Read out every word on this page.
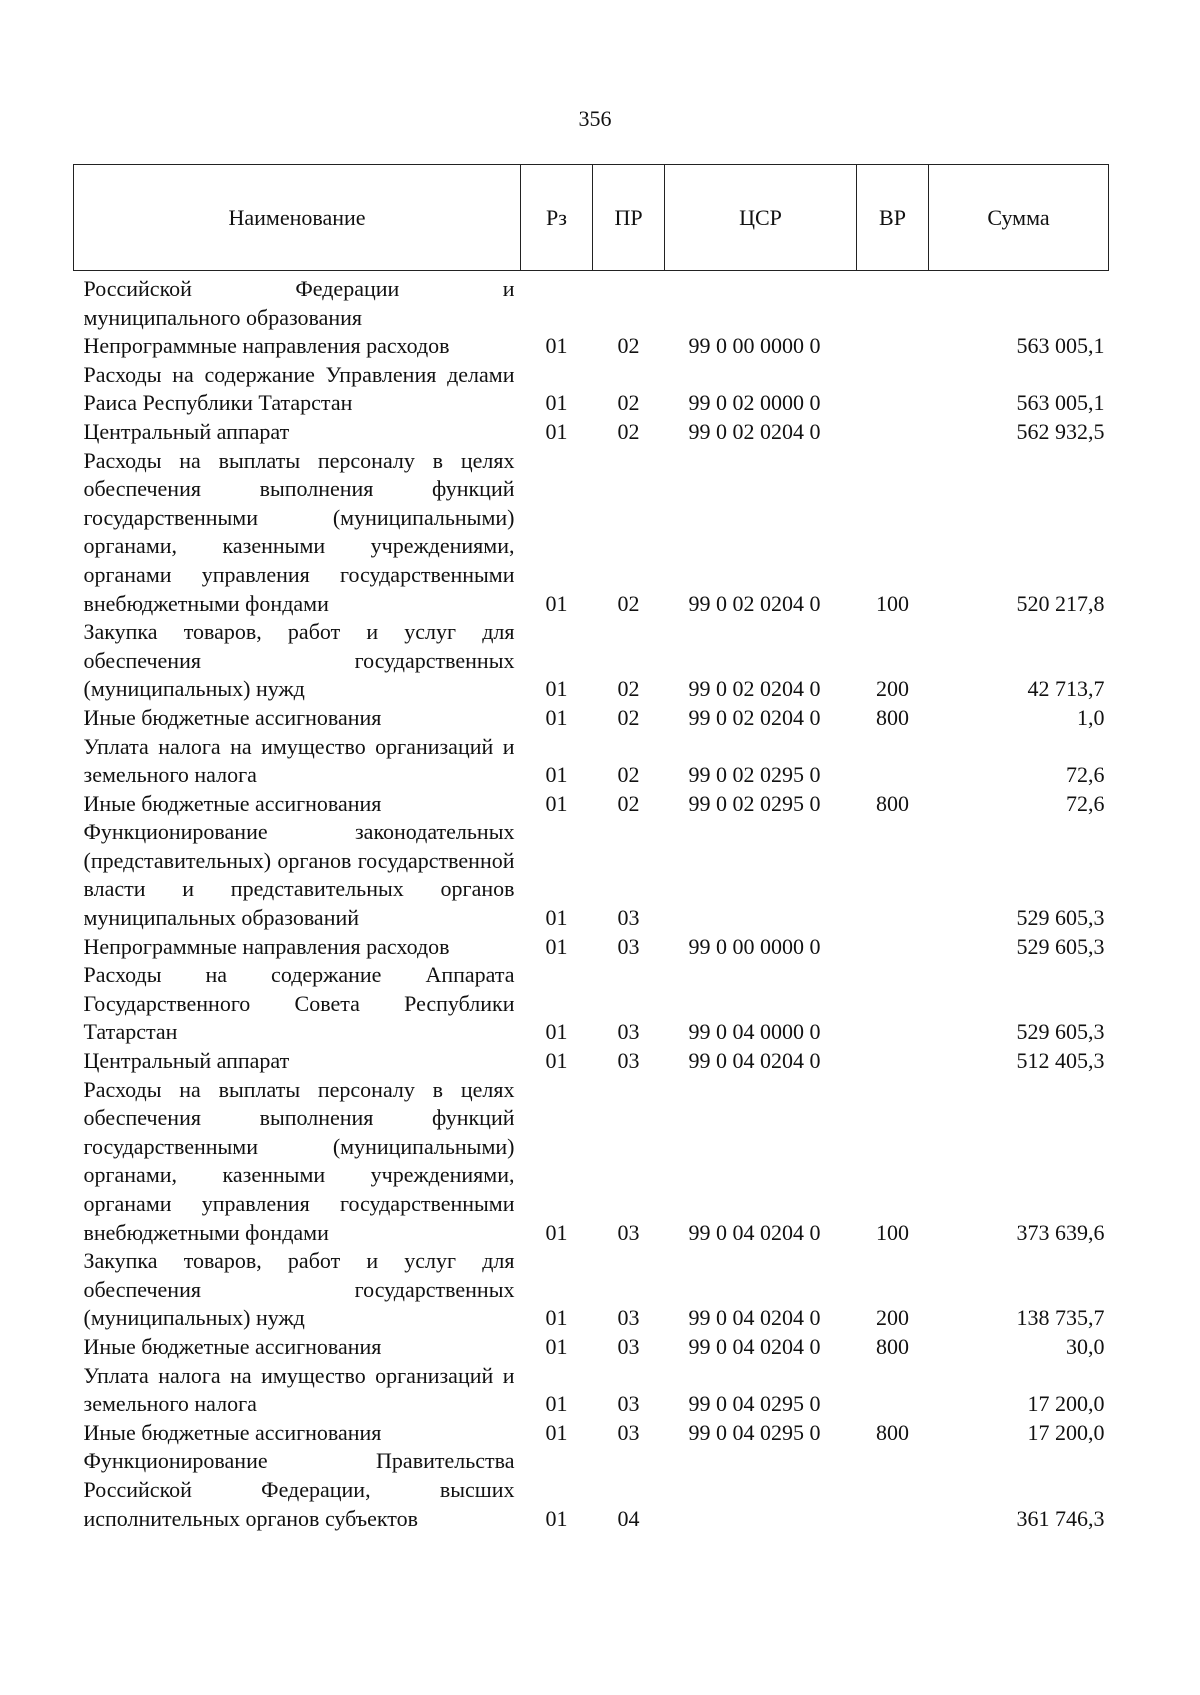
356
Наименование	Рз	ПР	ЦСР	ВР	Сумма
Российской Федерации и					
муниципального образования					
Непрограммные направления расходов	01	02	99 0 00 0000 0		563 005,1
Расходы на содержание Управления делами Раиса Республики Татарстан	01	02	99 0 02 0000 0		563 005,1
Центральный аппарат	01	02	99 0 02 0204 0		562 932,5
Расходы на выплаты персоналу в целях обеспечения выполнения функций государственными (муниципальными) органами, казенными учреждениями, органами управления государственными внебюджетными фондами	01	02	99 0 02 0204 0	100	520 217,8
Закупка товаров, работ и услуг для обеспечения государственных (муниципальных) нужд	01	02	99 0 02 0204 0	200	42 713,7
Иные бюджетные ассигнования	01	02	99 0 02 0204 0	800	1,0
Уплата налога на имущество организаций и земельного налога	01	02	99 0 02 0295 0		72,6
Иные бюджетные ассигнования	01	02	99 0 02 0295 0	800	72,6
Функционирование законодательных (представительных) органов государственной власти и представительных органов муниципальных образований	01	03			529 605,3
Непрограммные направления расходов	01	03	99 0 00 0000 0		529 605,3
Расходы на содержание Аппарата Государственного Совета Республики Татарстан	01	03	99 0 04 0000 0		529 605,3
Центральный аппарат	01	03	99 0 04 0204 0		512 405,3
Расходы на выплаты персоналу в целях обеспечения выполнения функций государственными (муниципальными) органами, казенными учреждениями, органами управления государственными внебюджетными фондами	01	03	99 0 04 0204 0	100	373 639,6
Закупка товаров, работ и услуг для обеспечения государственных (муниципальных) нужд	01	03	99 0 04 0204 0	200	138 735,7
Иные бюджетные ассигнования	01	03	99 0 04 0204 0	800	30,0
Уплата налога на имущество организаций и земельного налога	01	03	99 0 04 0295 0		17 200,0
Иные бюджетные ассигнования	01	03	99 0 04 0295 0	800	17 200,0
Функционирование Правительства Российской Федерации, высших исполнительных органов субъектов	01	04			361 746,3
